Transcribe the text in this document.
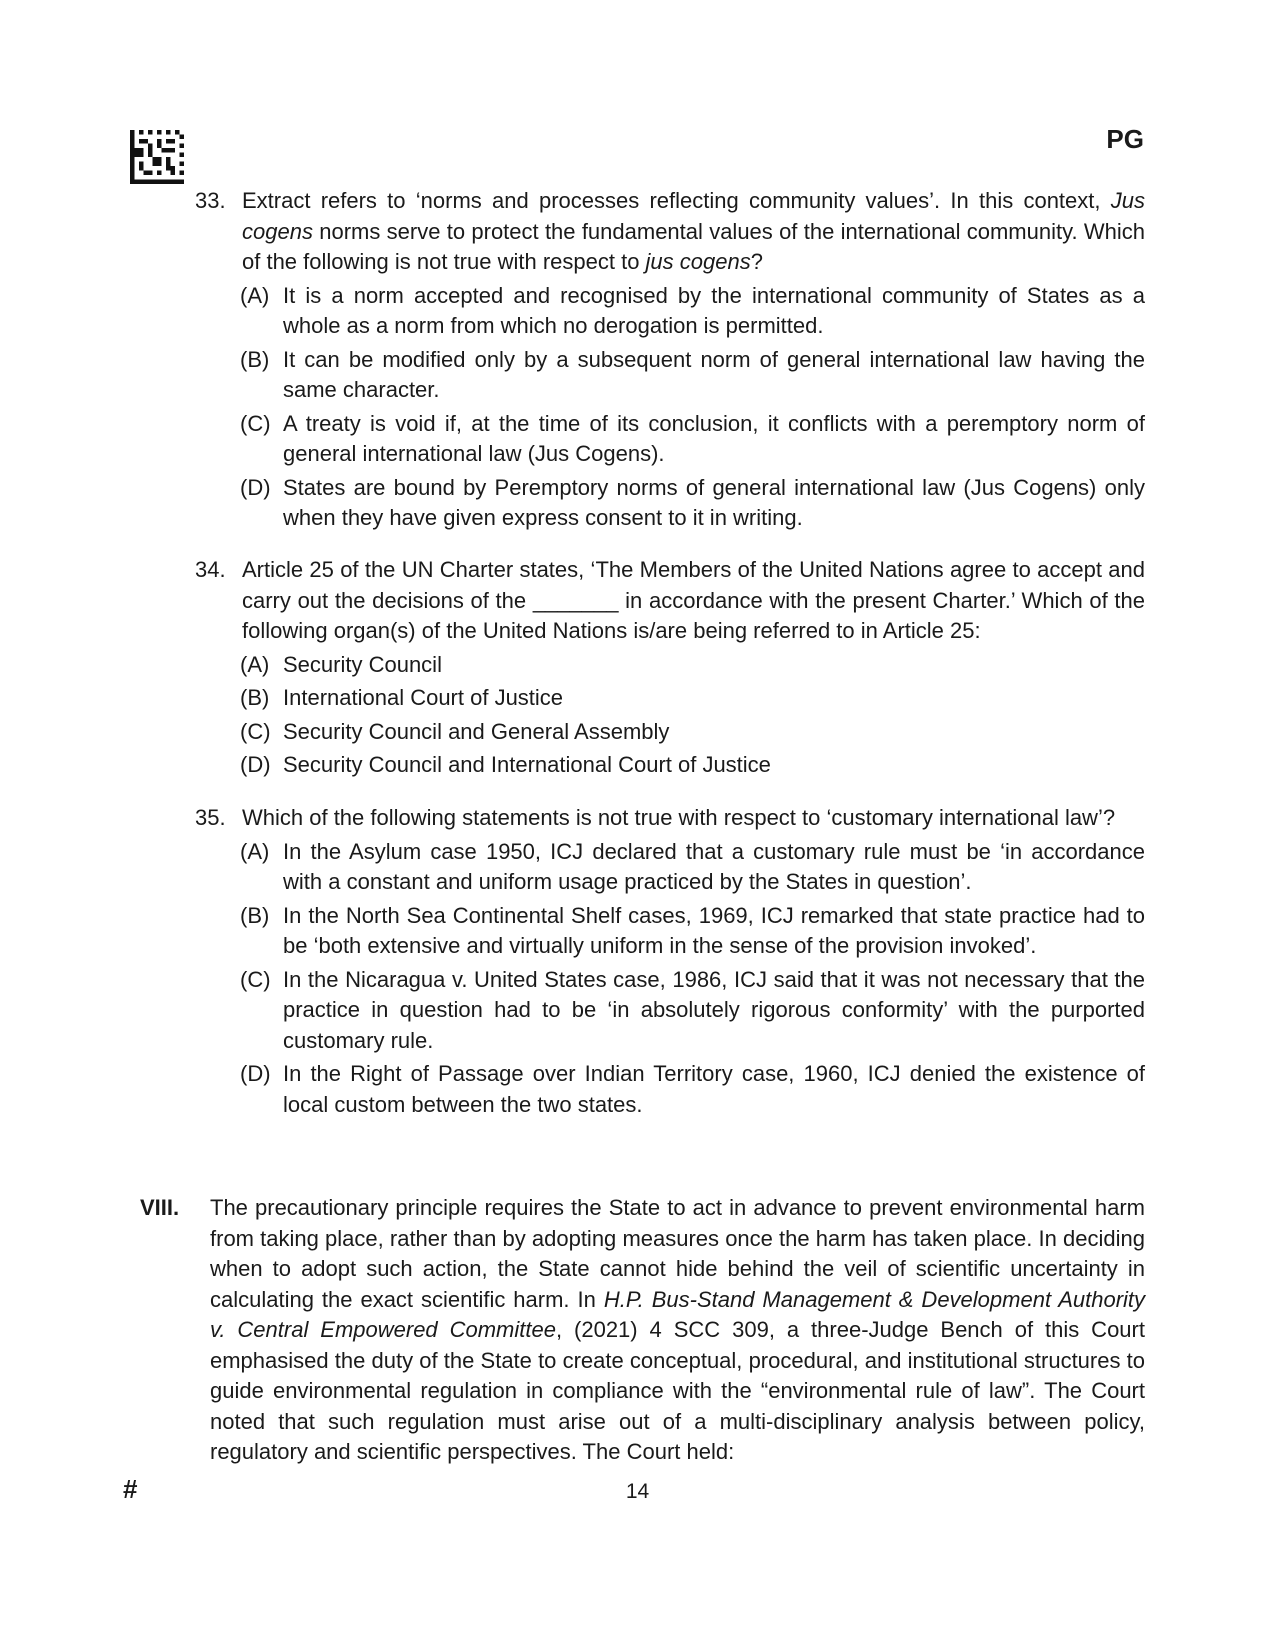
PG
33. Extract refers to ‘norms and processes reflecting community values’. In this context, Jus cogens norms serve to protect the fundamental values of the international community. Which of the following is not true with respect to jus cogens?
(A) It is a norm accepted and recognised by the international community of States as a whole as a norm from which no derogation is permitted.
(B) It can be modified only by a subsequent norm of general international law having the same character.
(C) A treaty is void if, at the time of its conclusion, it conflicts with a peremptory norm of general international law (Jus Cogens).
(D) States are bound by Peremptory norms of general international law (Jus Cogens) only when they have given express consent to it in writing.
34. Article 25 of the UN Charter states, ‘The Members of the United Nations agree to accept and carry out the decisions of the _______ in accordance with the present Charter.’ Which of the following organ(s) of the United Nations is/are being referred to in Article 25:
(A) Security Council
(B) International Court of Justice
(C) Security Council and General Assembly
(D) Security Council and International Court of Justice
35. Which of the following statements is not true with respect to ‘customary international law’?
(A) In the Asylum case 1950, ICJ declared that a customary rule must be ‘in accordance with a constant and uniform usage practiced by the States in question’.
(B) In the North Sea Continental Shelf cases, 1969, ICJ remarked that state practice had to be ‘both extensive and virtually uniform in the sense of the provision invoked’.
(C) In the Nicaragua v. United States case, 1986, ICJ said that it was not necessary that the practice in question had to be ‘in absolutely rigorous conformity’ with the purported customary rule.
(D) In the Right of Passage over Indian Territory case, 1960, ICJ denied the existence of local custom between the two states.
VIII.	The precautionary principle requires the State to act in advance to prevent environmental harm from taking place, rather than by adopting measures once the harm has taken place. In deciding when to adopt such action, the State cannot hide behind the veil of scientific uncertainty in calculating the exact scientific harm. In H.P. Bus-Stand Management & Development Authority v. Central Empowered Committee, (2021) 4 SCC 309, a three-Judge Bench of this Court emphasised the duty of the State to create conceptual, procedural, and institutional structures to guide environmental regulation in compliance with the “environmental rule of law”. The Court noted that such regulation must arise out of a multi-disciplinary analysis between policy, regulatory and scientific perspectives. The Court held:
#	14
